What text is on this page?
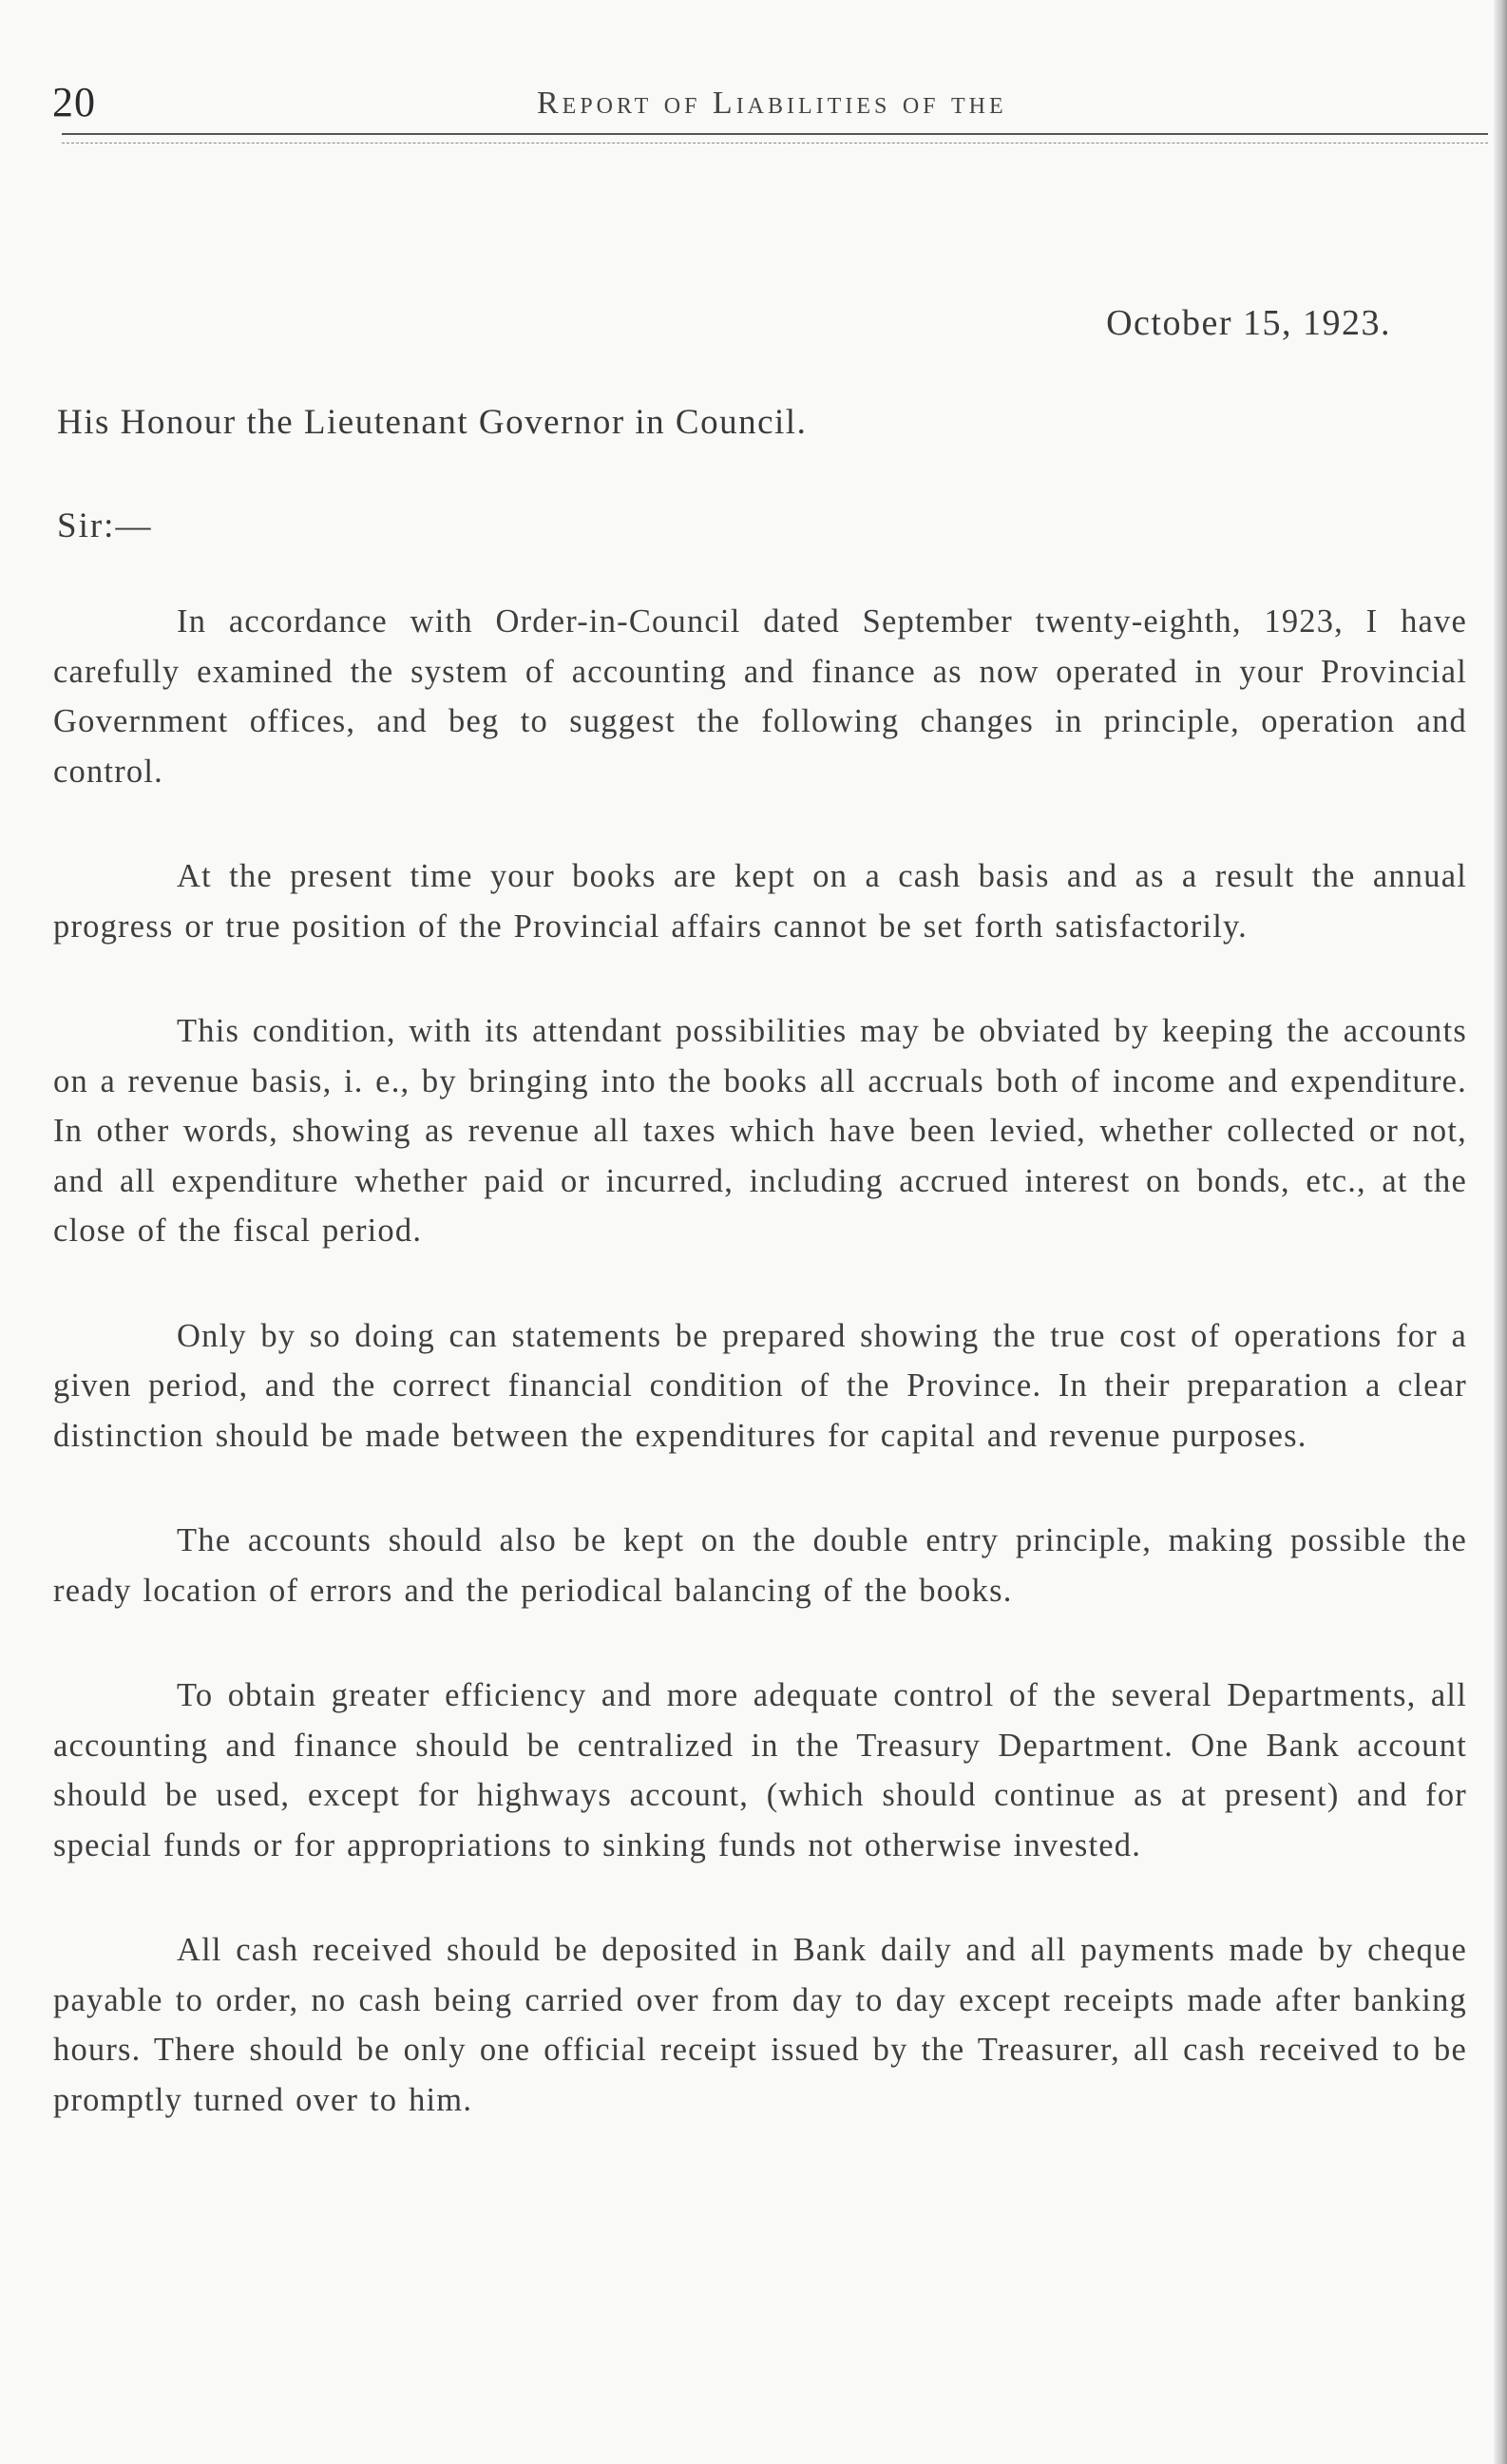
20	Report of Liabilities of the
October 15, 1923.
His Honour the Lieutenant Governor in Council.
Sir:—

In accordance with Order-in-Council dated September twenty-eighth, 1923, I have carefully examined the system of accounting and finance as now operated in your Provincial Government offices, and beg to suggest the following changes in principle, operation and control.

At the present time your books are kept on a cash basis and as a result the annual progress or true position of the Provincial affairs cannot be set forth satisfactorily.

This condition, with its attendant possibilities may be obviated by keeping the accounts on a revenue basis, i. e., by bringing into the books all accruals both of income and expenditure. In other words, showing as revenue all taxes which have been levied, whether collected or not, and all expenditure whether paid or incurred, including accrued interest on bonds, etc., at the close of the fiscal period.

Only by so doing can statements be prepared showing the true cost of operations for a given period, and the correct financial condition of the Province. In their preparation a clear distinction should be made between the expenditures for capital and revenue purposes.

The accounts should also be kept on the double entry principle, making possible the ready location of errors and the periodical balancing of the books.

To obtain greater efficiency and more adequate control of the several Departments, all accounting and finance should be centralized in the Treasury Department. One Bank account should be used, except for highways account, (which should continue as at present) and for special funds or for appropriations to sinking funds not otherwise invested.

All cash received should be deposited in Bank daily and all payments made by cheque payable to order, no cash being carried over from day to day except receipts made after banking hours. There should be only one official receipt issued by the Treasurer, all cash received to be promptly turned over to him.
